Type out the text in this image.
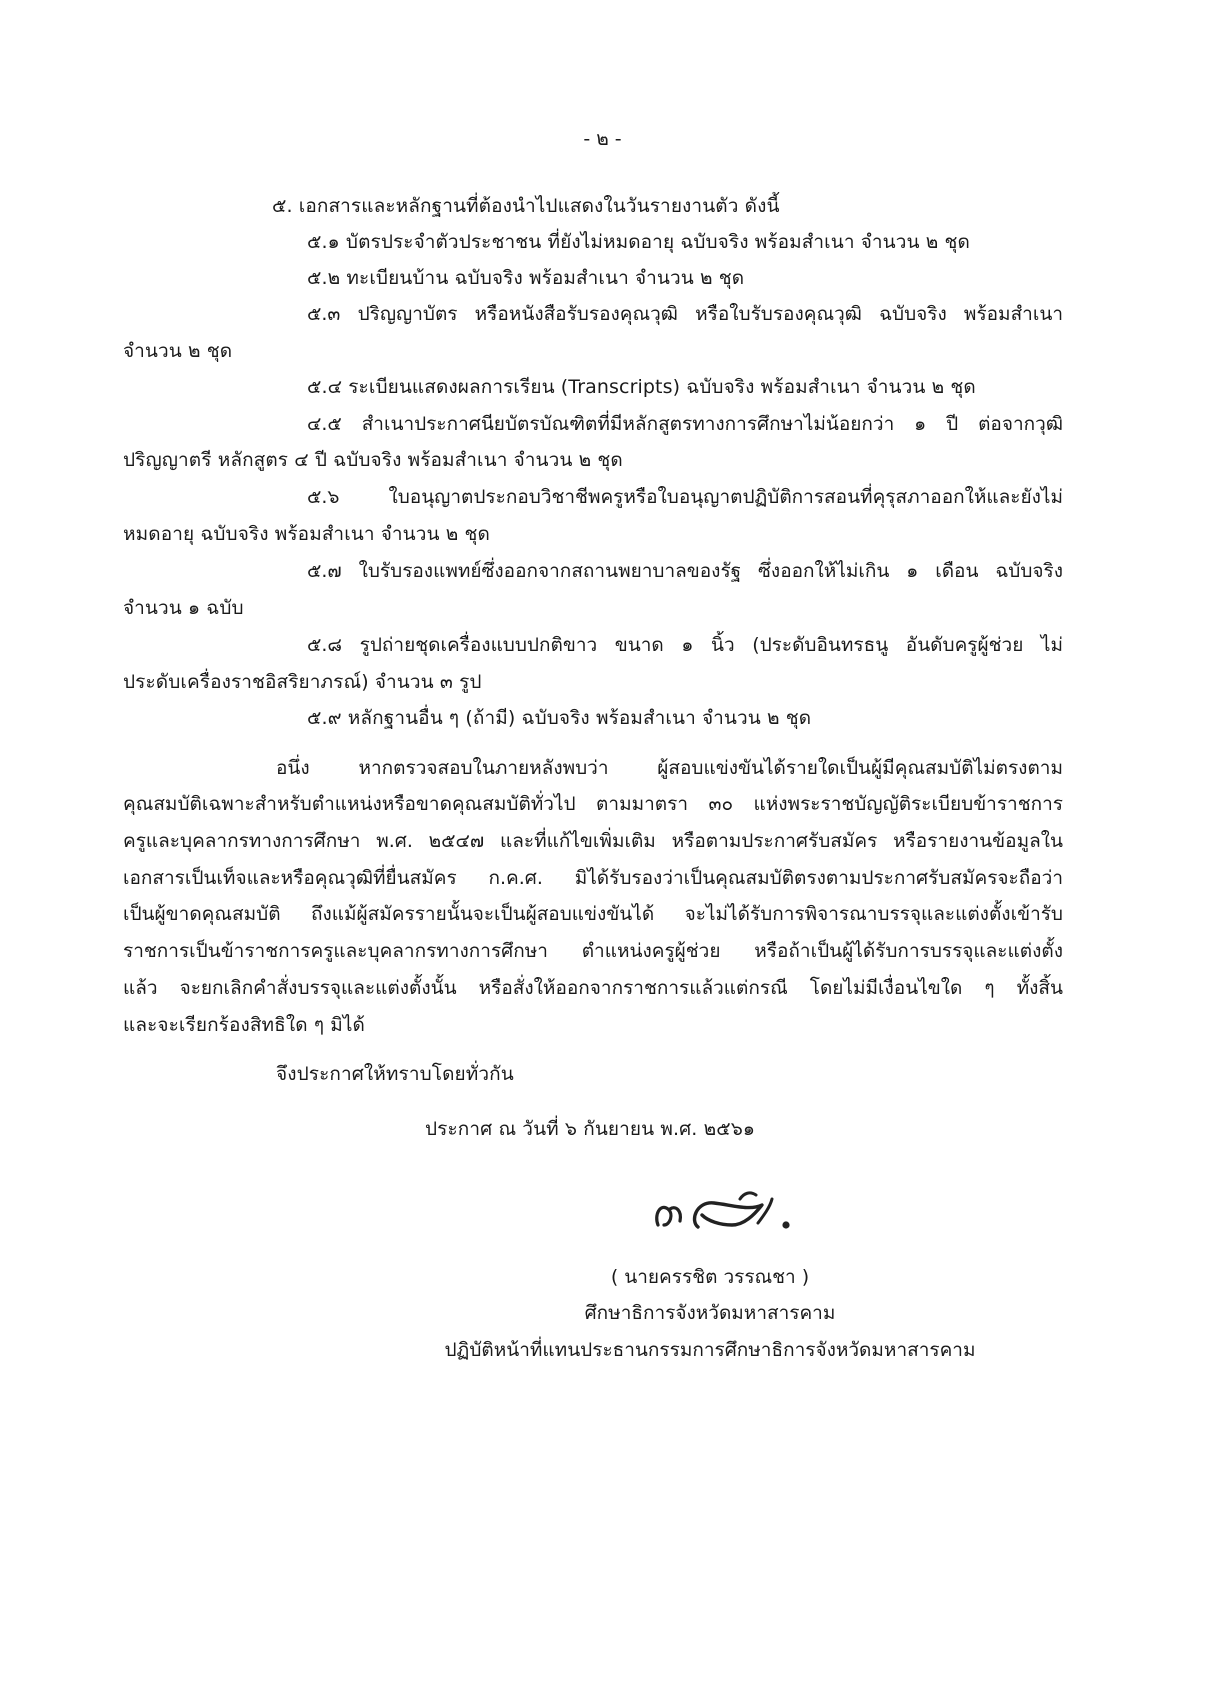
- ๒ -
๕. เอกสารและหลักฐานที่ต้องนำไปแสดงในวันรายงานตัว ดังนี้
๕.๑ บัตรประจำตัวประชาชน ที่ยังไม่หมดอายุ ฉบับจริง พร้อมสำเนา จำนวน ๒ ชุด
๕.๒ ทะเบียนบ้าน ฉบับจริง พร้อมสำเนา จำนวน ๒ ชุด
๕.๓ ปริญญาบัตร หรือหนังสือรับรองคุณวุฒิ หรือใบรับรองคุณวุฒิ ฉบับจริง พร้อมสำเนา
จำนวน ๒ ชุด
๕.๔ ระเบียนแสดงผลการเรียน (Transcripts) ฉบับจริง พร้อมสำเนา จำนวน ๒ ชุด
๔.๕ สำเนาประกาศนียบัตรบัณฑิตที่มีหลักสูตรทางการศึกษาไม่น้อยกว่า ๑ ปี ต่อจากวุฒิ
ปริญญาตรี หลักสูตร ๔ ปี ฉบับจริง พร้อมสำเนา จำนวน ๒ ชุด
๕.๖ ใบอนุญาตประกอบวิชาชีพครูหรือใบอนุญาตปฏิบัติการสอนที่คุรุสภาออกให้และยังไม่
หมดอายุ ฉบับจริง พร้อมสำเนา จำนวน ๒ ชุด
๕.๗ ใบรับรองแพทย์ซึ่งออกจากสถานพยาบาลของรัฐ ซึ่งออกให้ไม่เกิน ๑ เดือน ฉบับจริง
จำนวน ๑ ฉบับ
๕.๘ รูปถ่ายชุดเครื่องแบบปกติขาว ขนาด ๑ นิ้ว (ประดับอินทรธนู อันดับครูผู้ช่วย ไม่
ประดับเครื่องราชอิสริยาภรณ์) จำนวน ๓ รูป
๕.๙ หลักฐานอื่น ๆ (ถ้ามี) ฉบับจริง พร้อมสำเนา จำนวน ๒ ชุด
อนึ่ง หากตรวจสอบในภายหลังพบว่า ผู้สอบแข่งขันได้รายใดเป็นผู้มีคุณสมบัติไม่ตรงตาม
คุณสมบัติเฉพาะสำหรับตำแหน่งหรือขาดคุณสมบัติทั่วไป ตามมาตรา ๓๐ แห่งพระราชบัญญัติระเบียบข้าราชการ
ครูและบุคลากรทางการศึกษา พ.ศ. ๒๕๔๗ และที่แก้ไขเพิ่มเติม หรือตามประกาศรับสมัคร หรือรายงานข้อมูลใน
เอกสารเป็นเท็จและหรือคุณวุฒิที่ยื่นสมัคร ก.ค.ศ. มิได้รับรองว่าเป็นคุณสมบัติตรงตามประกาศรับสมัครจะถือว่า
เป็นผู้ขาดคุณสมบัติ ถึงแม้ผู้สมัครรายนั้นจะเป็นผู้สอบแข่งขันได้ จะไม่ได้รับการพิจารณาบรรจุและแต่งตั้งเข้ารับ
ราชการเป็นข้าราชการครูและบุคลากรทางการศึกษา ตำแหน่งครูผู้ช่วย หรือถ้าเป็นผู้ได้รับการบรรจุและแต่งตั้ง
แล้ว จะยกเลิกคำสั่งบรรจุและแต่งตั้งนั้น หรือสั่งให้ออกจากราชการแล้วแต่กรณี โดยไม่มีเงื่อนไขใด ๆ ทั้งสิ้น
และจะเรียกร้องสิทธิใด ๆ มิได้
จึงประกาศให้ทราบโดยทั่วกัน
ประกาศ ณ วันที่ ๖ กันยายน พ.ศ. ๒๕๖๑
( นายครรชิต วรรณชา )
ศึกษาธิการจังหวัดมหาสารคาม
ปฏิบัติหน้าที่แทนประธานกรรมการศึกษาธิการจังหวัดมหาสารคาม
